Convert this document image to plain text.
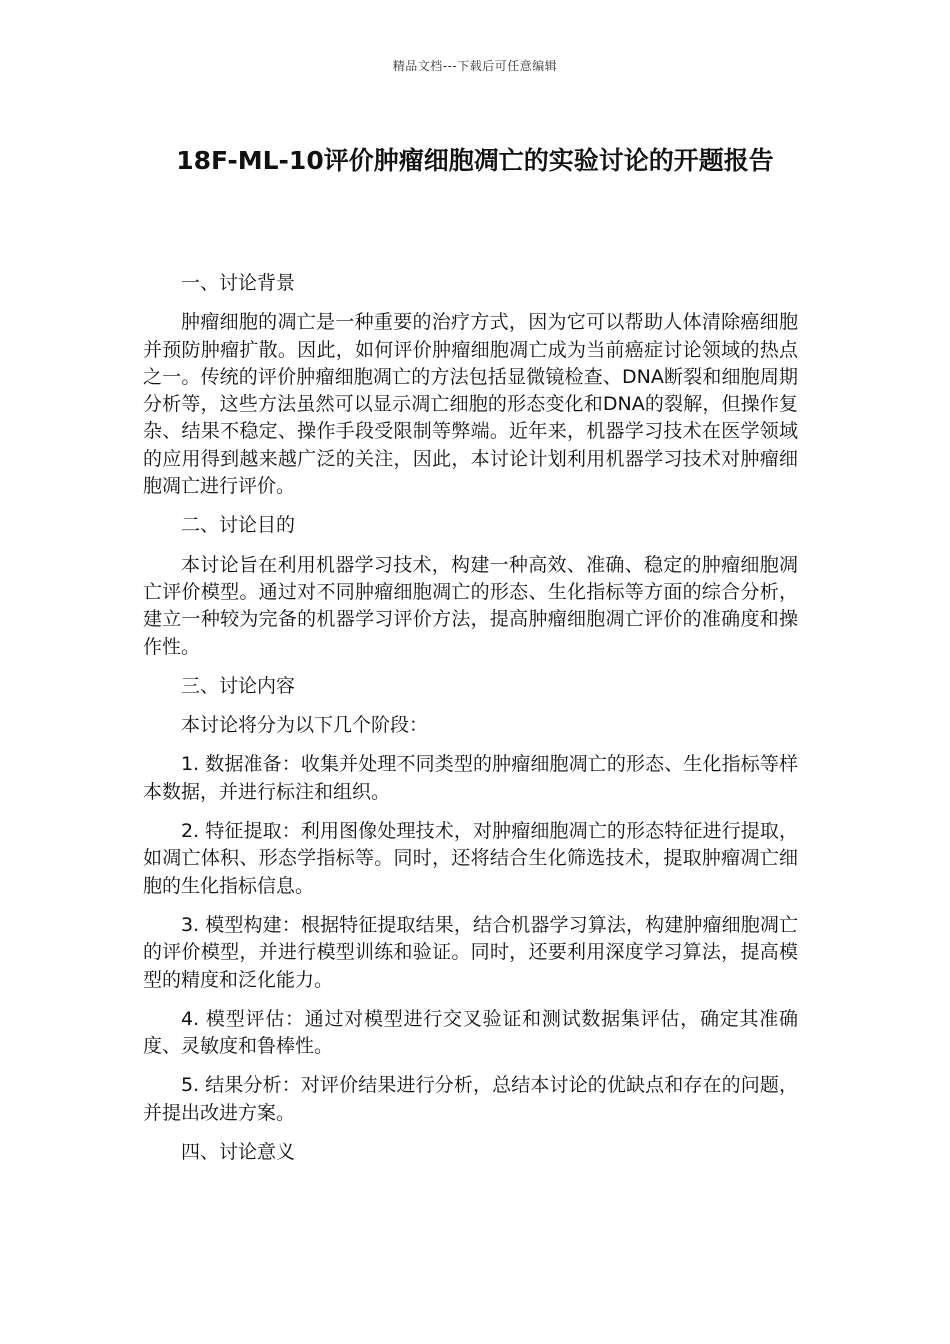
精品文档---下载后可任意编辑
18F-ML-10评价肿瘤细胞凋亡的实验讨论的开题报告

一、讨论背景

肿瘤细胞的凋亡是一种重要的治疗方式，因为它可以帮助人体清除癌细胞并预防肿瘤扩散。因此，如何评价肿瘤细胞凋亡成为当前癌症讨论领域的热点之一。传统的评价肿瘤细胞凋亡的方法包括显微镜检查、DNA断裂和细胞周期分析等，这些方法虽然可以显示凋亡细胞的形态变化和DNA的裂解，但操作复杂、结果不稳定、操作手段受限制等弊端。近年来，机器学习技术在医学领域的应用得到越来越广泛的关注，因此，本讨论计划利用机器学习技术对肿瘤细胞凋亡进行评价。

二、讨论目的

本讨论旨在利用机器学习技术，构建一种高效、准确、稳定的肿瘤细胞凋亡评价模型。通过对不同肿瘤细胞凋亡的形态、生化指标等方面的综合分析，建立一种较为完备的机器学习评价方法，提高肿瘤细胞凋亡评价的准确度和操作性。

三、讨论内容

本讨论将分为以下几个阶段：

1. 数据准备：收集并处理不同类型的肿瘤细胞凋亡的形态、生化指标等样本数据，并进行标注和组织。

2. 特征提取：利用图像处理技术，对肿瘤细胞凋亡的形态特征进行提取，如凋亡体积、形态学指标等。同时，还将结合生化筛选技术，提取肿瘤凋亡细胞的生化指标信息。

3. 模型构建：根据特征提取结果，结合机器学习算法，构建肿瘤细胞凋亡的评价模型，并进行模型训练和验证。同时，还要利用深度学习算法，提高模型的精度和泛化能力。

4. 模型评估：通过对模型进行交叉验证和测试数据集评估，确定其准确度、灵敏度和鲁棒性。

5. 结果分析：对评价结果进行分析，总结本讨论的优缺点和存在的问题，并提出改进方案。

四、讨论意义
